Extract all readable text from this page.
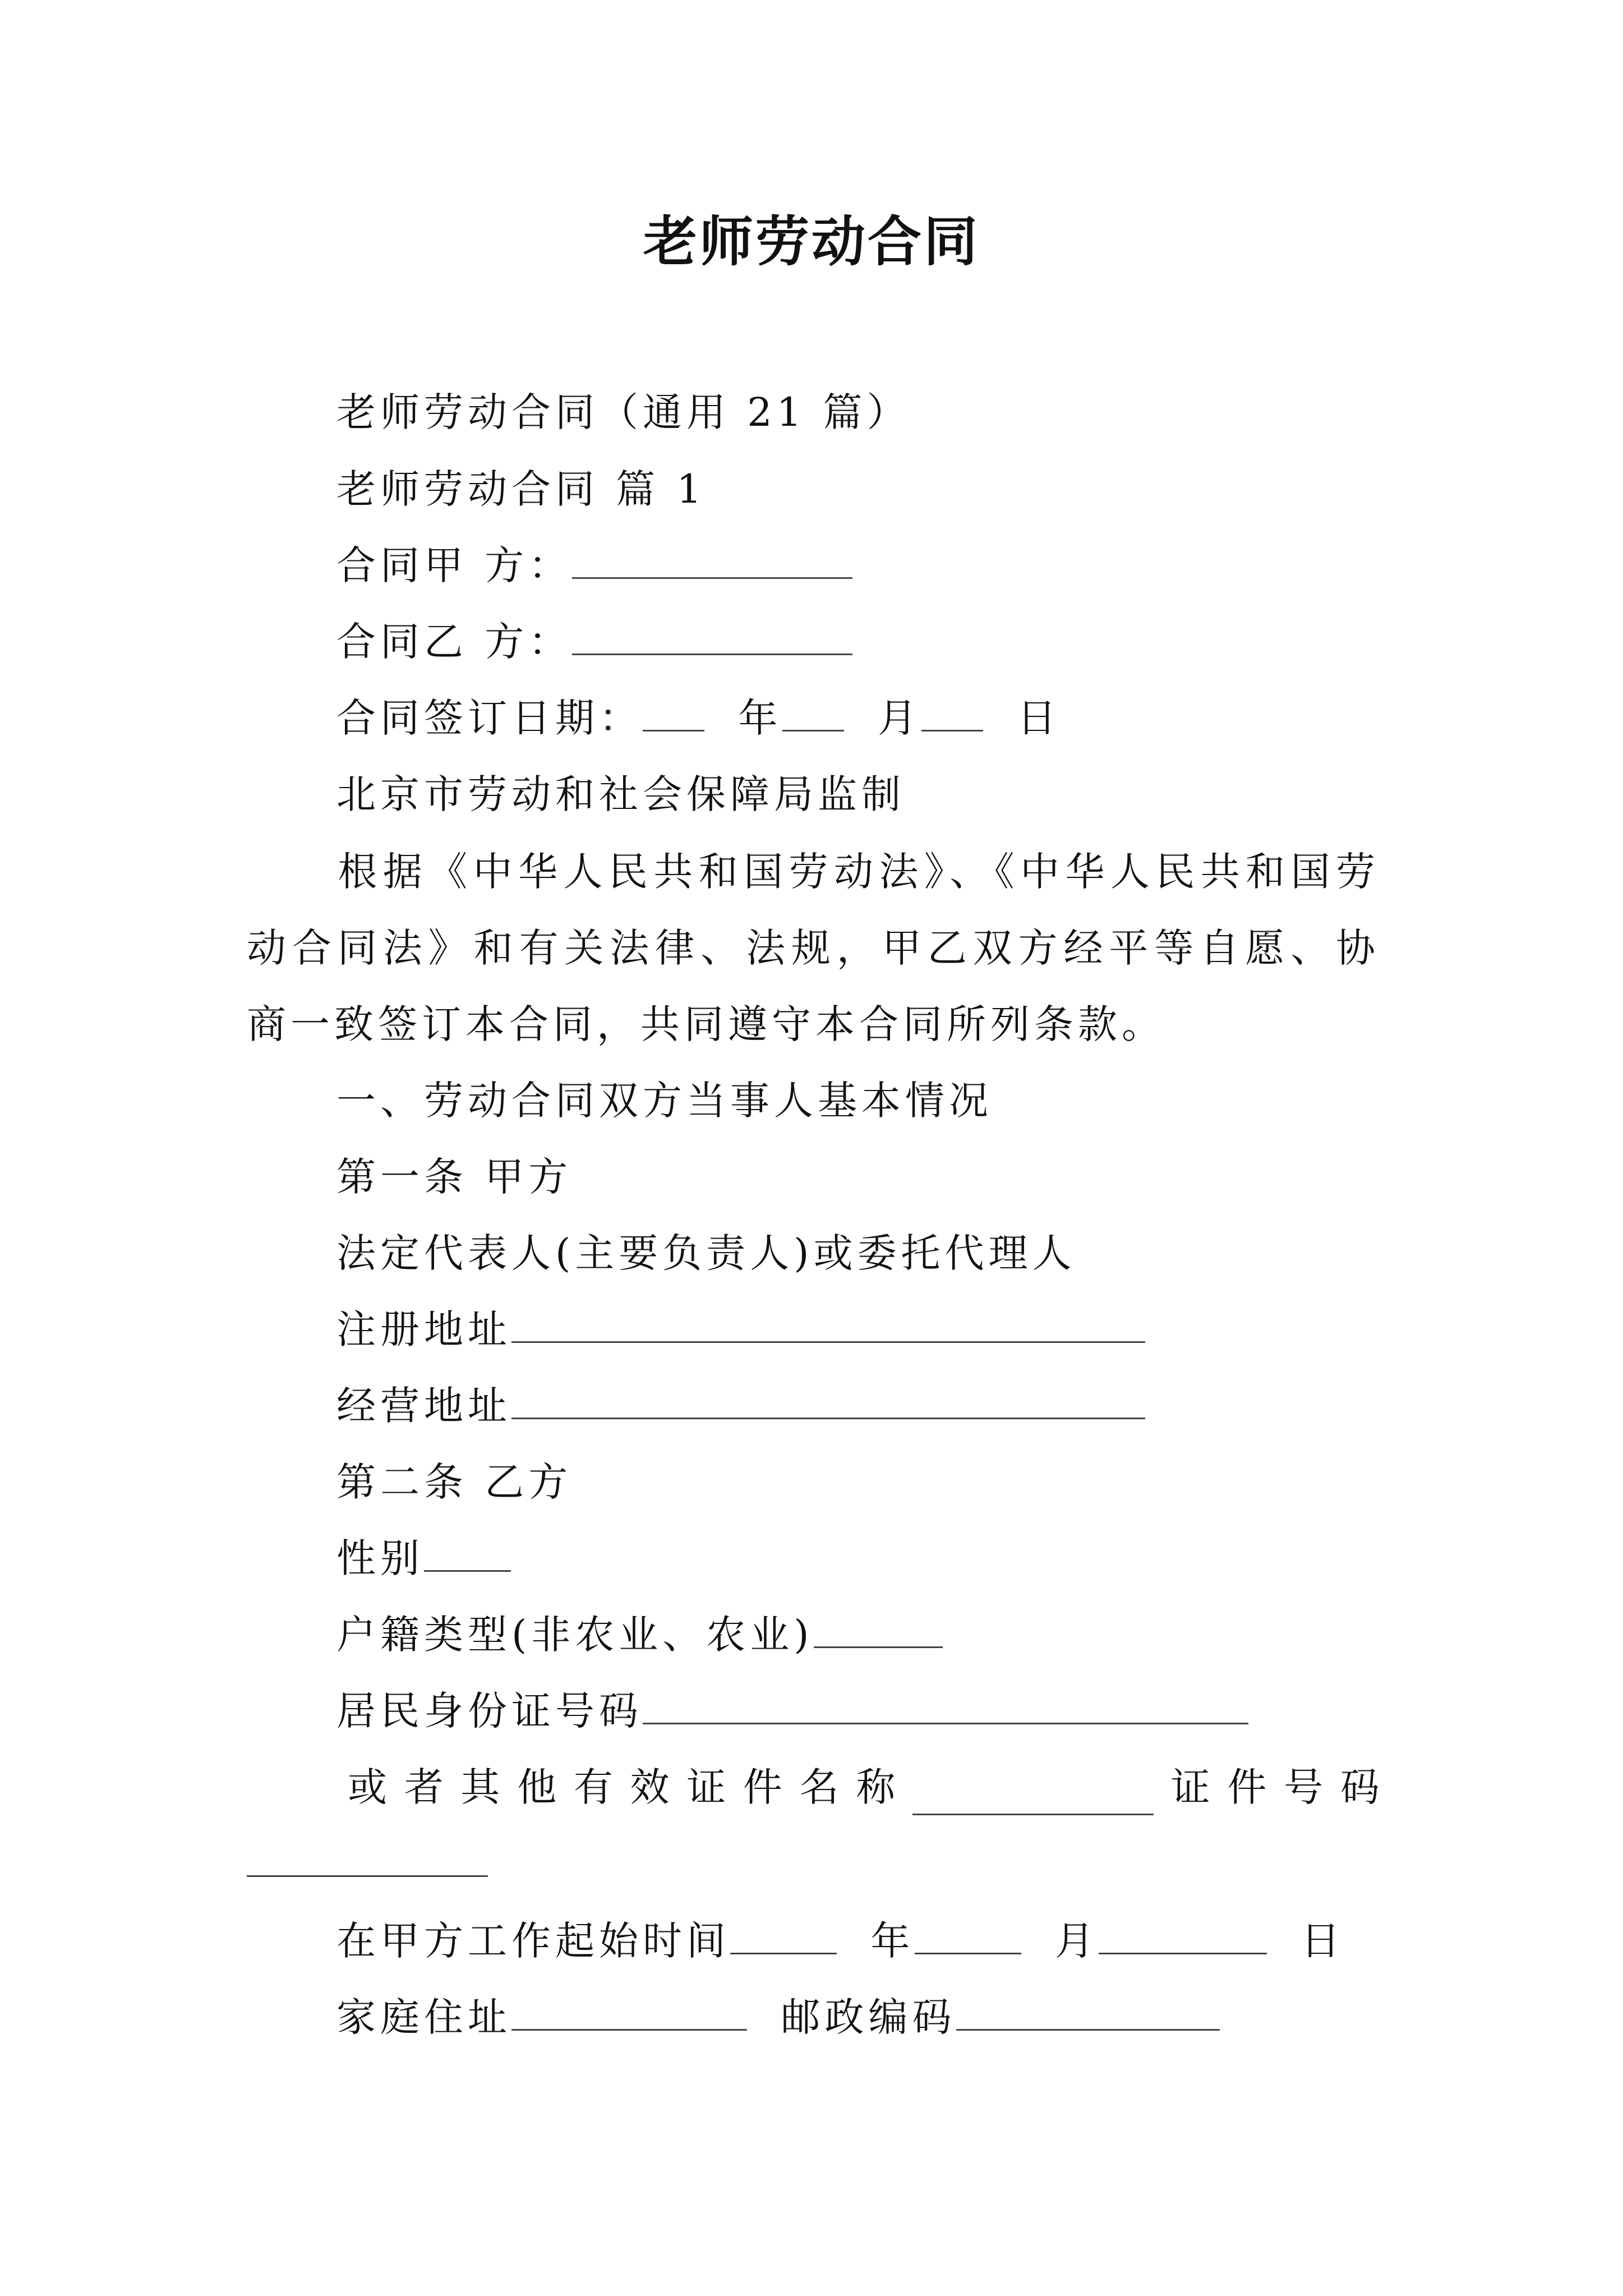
老师劳动合同
老师劳动合同（通用 21 篇）
老师劳动合同 篇 1
合同甲 方：
合同乙 方：
合同签订日期： 年 月 日
北京市劳动和社会保障局监制
根据《中华人民共和国劳动法》、《中华人民共和国劳动合同法》和有关法律、法规，甲乙双方经平等自愿、协商一致签订本合同，共同遵守本合同所列条款。
一、劳动合同双方当事人基本情况
第一条 甲方
法定代表人(主要负责人)或委托代理人
注册地址
经营地址
第二条 乙方
性别
户籍类型(非农业、农业)
居民身份证号码
或 者 其 他 有 效 证 件 名 称	证 件 号 码
在甲方工作起始时间	年	月	日
家庭住址	邮政编码
